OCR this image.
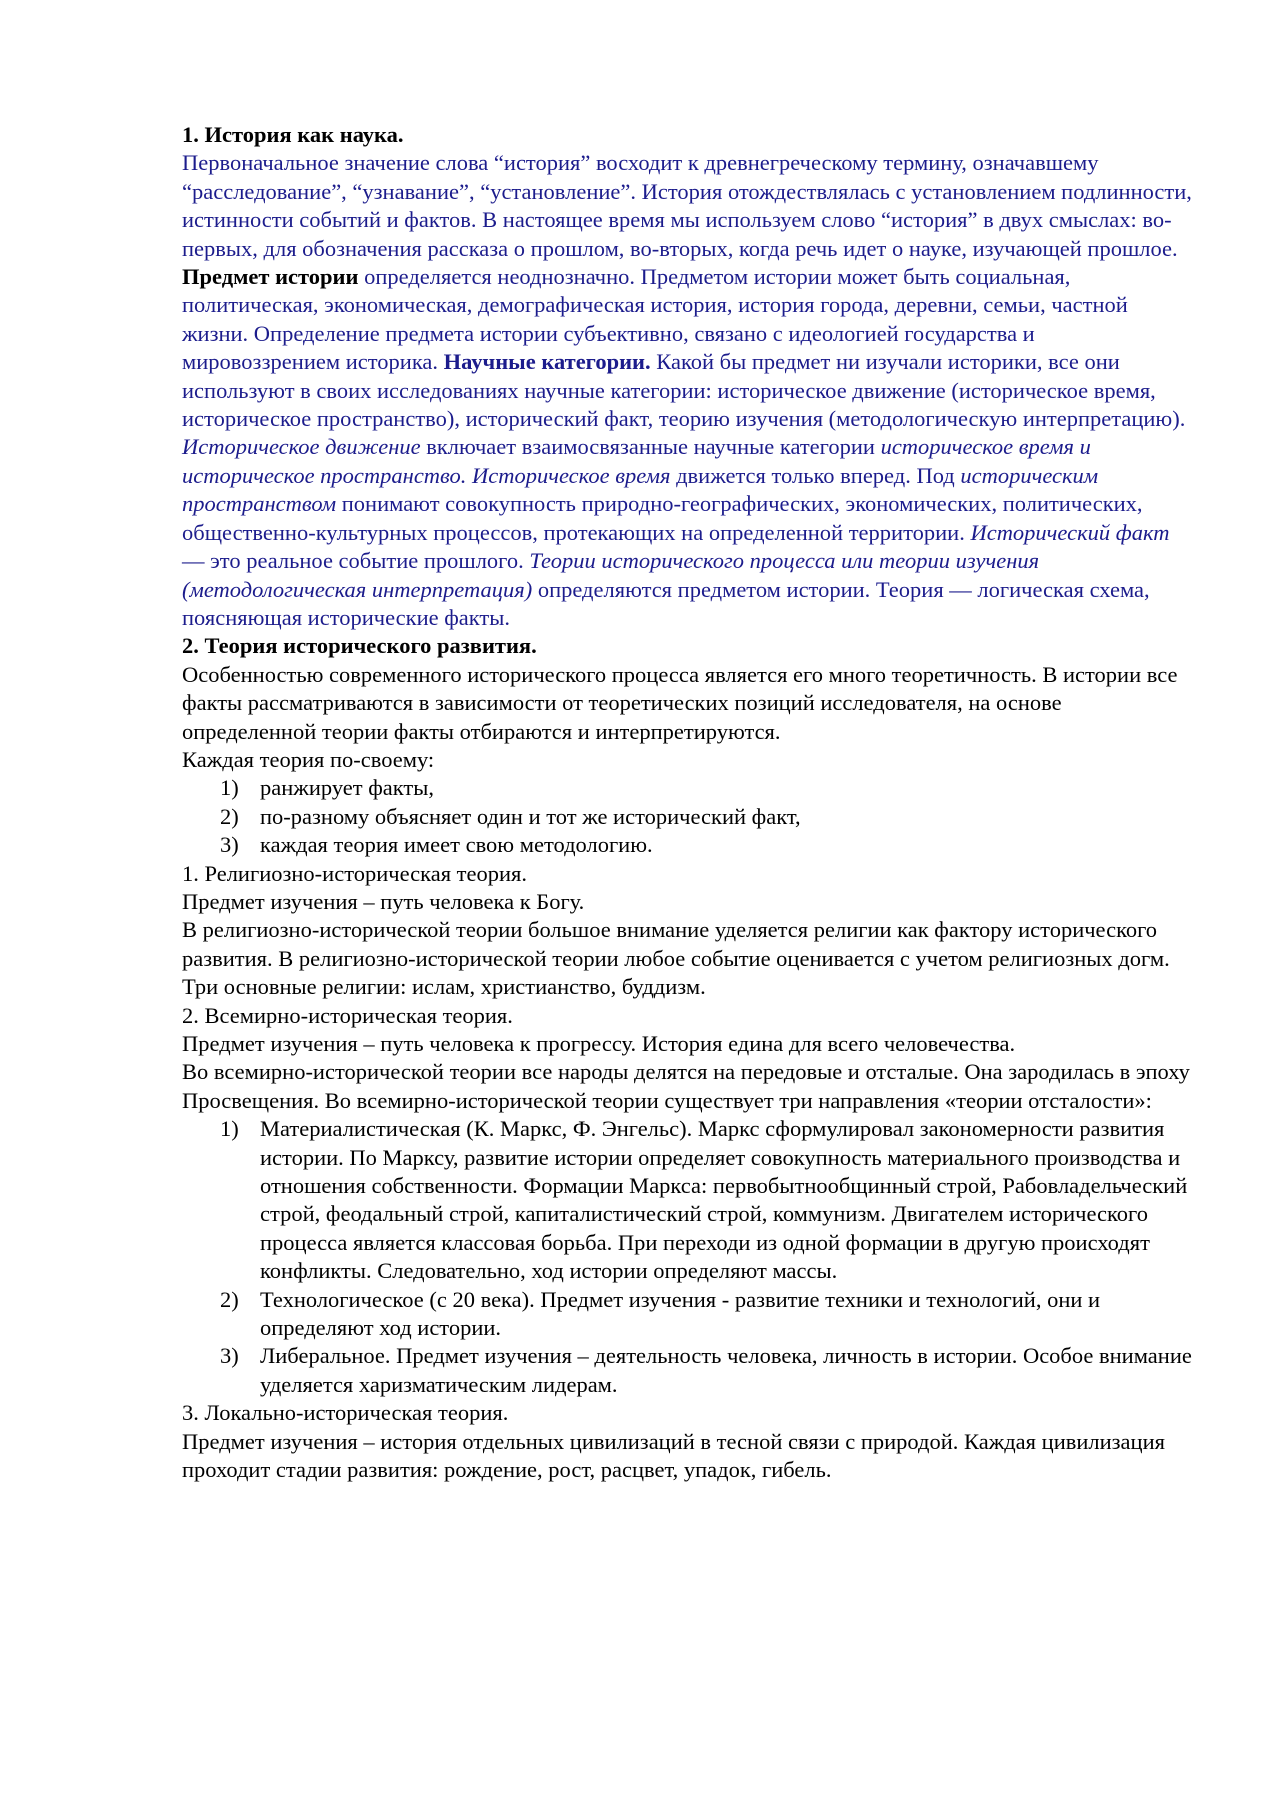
1. История как наука.

Первоначальное значение слова “история” восходит к древнегреческому термину, означавшему “расследование”, “узнавание”, “установление”. История отождествлялась с установлением подлинности, истинности событий и фактов. В настоящее время мы используем слово “история” в двух смыслах: во-первых, для обозначения рассказа о прошлом, во-вторых, когда речь идет о науке, изучающей прошлое. Предмет истории определяется неоднозначно. Предметом истории может быть социальная, политическая, экономическая, демографическая история, история города, деревни, семьи, частной жизни. Определение предмета истории субъективно, связано с идеологией государства и мировоззрением историка. Научные категории. Какой бы предмет ни изучали историки, все они используют в своих исследованиях научные категории: историческое движение (историческое время, историческое пространство), исторический факт, теорию изучения (методологическую интерпретацию).

Историческое движение включает взаимосвязанные научные категории историческое время и историческое пространство. Историческое время движется только вперед. Под историческим пространством понимают совокупность природно-географических, экономических, политических, общественно-культурных процессов, протекающих на определенной территории. Исторический факт — это реальное событие прошлого. Теории исторического процесса или теории изучения (методологическая интерпретация) определяются предметом истории. Теория — логическая схема, поясняющая исторические факты.

2. Теория исторического развития.

Особенностью современного исторического процесса является его много теоретичность. В истории все факты рассматриваются в зависимости от теоретических позиций исследователя, на основе определенной теории факты отбираются и интерпретируются.

Каждая теория по-своему:

1) ранжирует факты,
2) по-разному объясняет один и тот же исторический факт,
3) каждая теория имеет свою методологию.

1. Религиозно-историческая теория.

Предмет изучения – путь человека к Богу.

В религиозно-исторической теории большое внимание уделяется религии как фактору исторического развития. В религиозно-исторической теории любое событие оценивается с учетом религиозных догм.

Три основные религии: ислам, христианство, буддизм.

2. Всемирно-историческая теория.

Предмет изучения – путь человека к прогрессу. История едина для всего человечества.

Во всемирно-исторической теории все народы делятся на передовые и отсталые. Она зародилась в эпоху Просвещения. Во всемирно-исторической теории существует три направления «теории отсталости»:

1) Материалистическая (К. Маркс, Ф. Энгельс). Маркс сформулировал закономерности развития истории. По Марксу, развитие истории определяет совокупность материального производства и отношения собственности. Формации Маркса: первобытнообщинный строй, Рабовладельческий строй, феодальный строй, капиталистический строй, коммунизм. Двигателем исторического процесса является классовая борьба. При переходи из одной формации в другую происходят конфликты. Следовательно, ход истории определяют массы.
2) Технологическое (с 20 века). Предмет изучения - развитие техники и технологий, они и определяют ход истории.
3) Либеральное. Предмет изучения – деятельность человека, личность в истории. Особое внимание уделяется харизматическим лидерам.

3. Локально-историческая теория.

Предмет изучения – история отдельных цивилизаций в тесной связи с природой. Каждая цивилизация проходит стадии развития: рождение, рост, расцвет, упадок, гибель.
